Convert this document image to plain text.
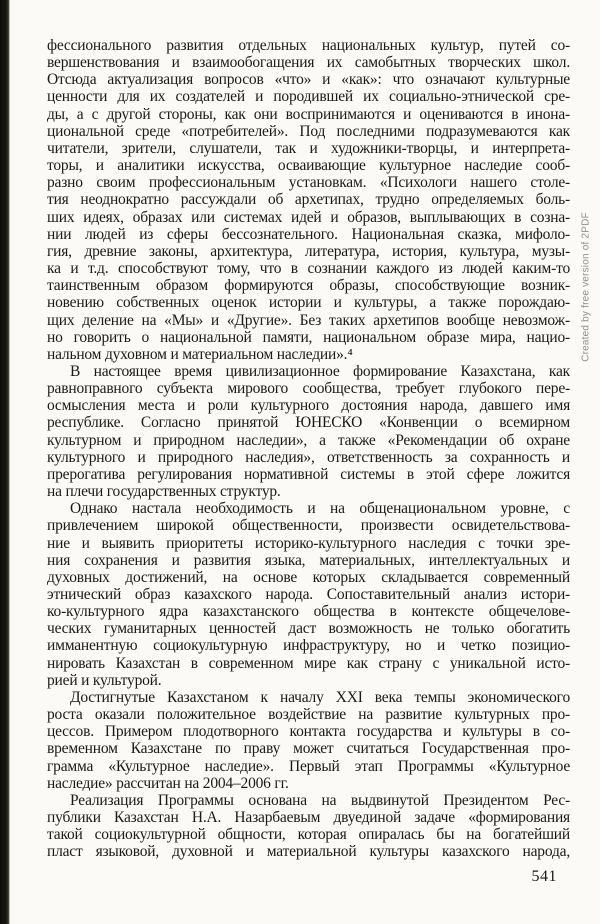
фессионального развития отдельных национальных культур, путей со-
вершенствования и взаимообогащения их самобытных творческих школ.
Отсюда актуализация вопросов «что» и «как»: что означают культурные
ценности для их создателей и породившей их социально-этнической сре-
ды, а с другой стороны, как они воспринимаются и оцениваются в инона-
циональной среде «потребителей». Под последними подразумеваются как
читатели, зрители, слушатели, так и художники-творцы, и интерпрета-
торы, и аналитики искусства, осваивающие культурное наследие сооб-
разно своим профессиональным установкам. «Психологи нашего столе-
тия неоднократно рассуждали об архетипах, трудно определяемых боль-
ших идеях, образах или системах идей и образов, выплывающих в созна-
нии людей из сферы бессознательного. Национальная сказка, мифоло-
гия, древние законы, архитектура, литература, история, культура, музы-
ка и т.д. способствуют тому, что в сознании каждого из людей каким-то
таинственным образом формируются образы, способствующие возник-
новению собственных оценок истории и культуры, а также порождаю-
щих деление на «Мы» и «Другие». Без таких архетипов вообще невозмож-
но говорить о национальной памяти, национальном образе мира, нацио-
нальном духовном и материальном наследии».⁴
В настоящее время цивилизационное формирование Казахстана, как
равноправного субъекта мирового сообщества, требует глубокого пере-
осмысления места и роли культурного достояния народа, давшего имя
республике. Согласно принятой ЮНЕСКО «Конвенции о всемирном
культурном и природном наследии», а также «Рекомендации об охране
культурного и природного наследия», ответственность за сохранность и
прерогатива регулирования нормативной системы в этой сфере ложится
на плечи государственных структур.
Однако настала необходимость и на общенациональном уровне, с
привлечением широкой общественности, произвести освидетельствова-
ние и выявить приоритеты историко-культурного наследия с точки зре-
ния сохранения и развития языка, материальных, интеллектуальных и
духовных достижений, на основе которых складывается современный
этнический образ казахского народа. Сопоставительный анализ истори-
ко-культурного ядра казахстанского общества в контексте общечелове-
ческих гуманитарных ценностей даст возможность не только обогатить
имманентную социокультурную инфраструктуру, но и четко позицио-
нировать Казахстан в современном мире как страну с уникальной исто-
рией и культурой.
Достигнутые Казахстаном к началу XXI века темпы экономического
роста оказали положительное воздействие на развитие культурных про-
цессов. Примером плодотворного контакта государства и культуры в со-
временном Казахстане по праву может считаться Государственная про-
грамма «Культурное наследие». Первый этап Программы «Культурное
наследие» рассчитан на 2004–2006 гг.
Реализация Программы основана на выдвинутой Президентом Рес-
публики Казахстан Н.А. Назарбаевым двуединой задаче «формирования
такой социокультурной общности, которая опиралась бы на богатейший
пласт языковой, духовной и материальной культуры казахского народа,
541
Created by free version of 2PDF
